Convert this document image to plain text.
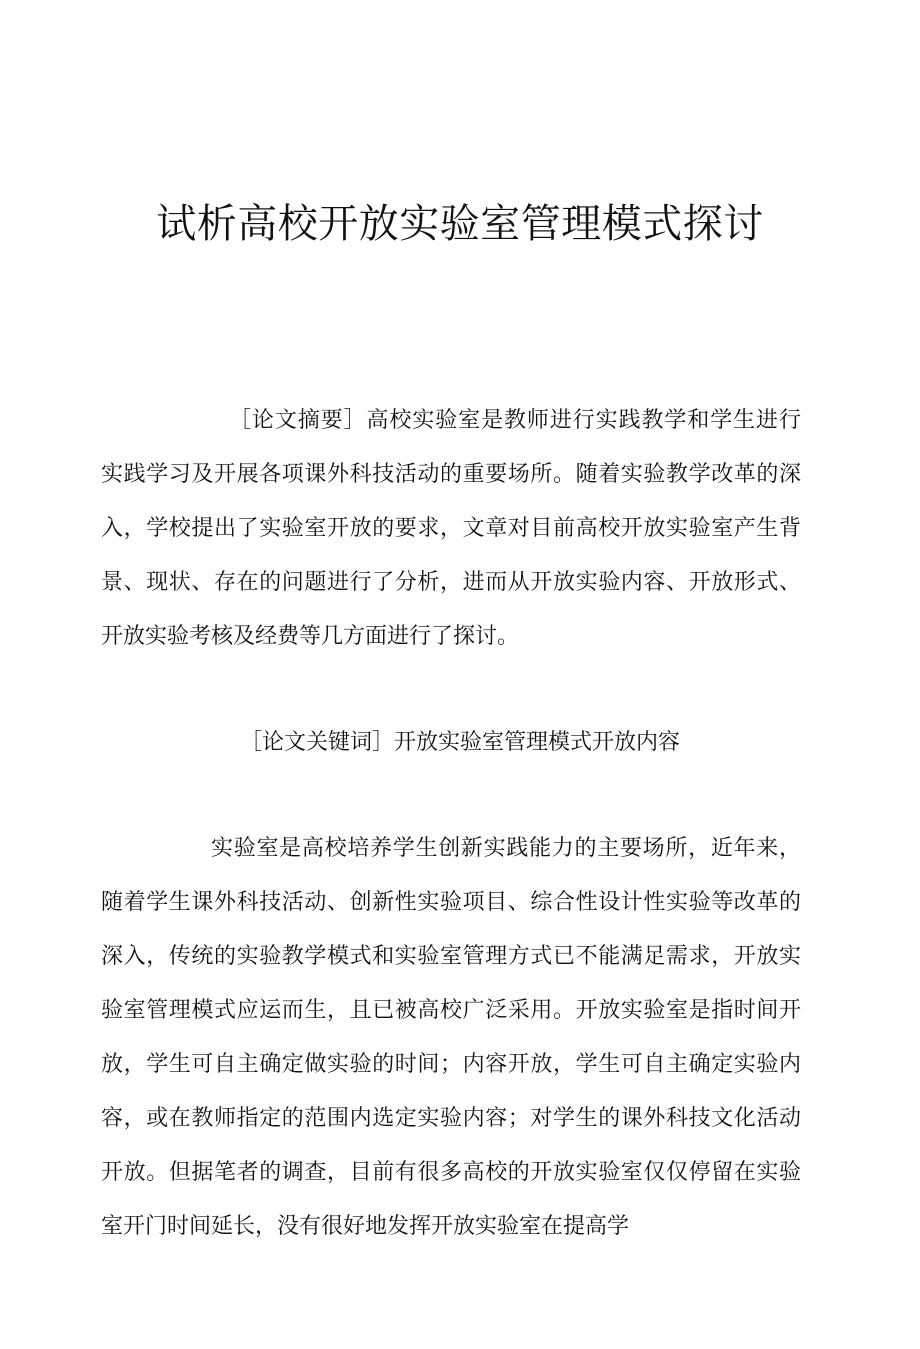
试析高校开放实验室管理模式探讨

［论文摘要］高校实验室是教师进行实践教学和学生进行实践学习及开展各项课外科技活动的重要场所。随着实验教学改革的深入，学校提出了实验室开放的要求，文章对目前高校开放实验室产生背景、现状、存在的问题进行了分析，进而从开放实验内容、开放形式、开放实验考核及经费等几方面进行了探讨。

［论文关键词］开放实验室管理模式开放内容

实验室是高校培养学生创新实践能力的主要场所，近年来，随着学生课外科技活动、创新性实验项目、综合性设计性实验等改革的深入，传统的实验教学模式和实验室管理方式已不能满足需求，开放实验室管理模式应运而生，且已被高校广泛采用。开放实验室是指时间开放，学生可自主确定做实验的时间；内容开放，学生可自主确定实验内容，或在教师指定的范围内选定实验内容；对学生的课外科技文化活动开放。但据笔者的调查，目前有很多高校的开放实验室仅仅停留在实验室开门时间延长，没有很好地发挥开放实验室在提高学
